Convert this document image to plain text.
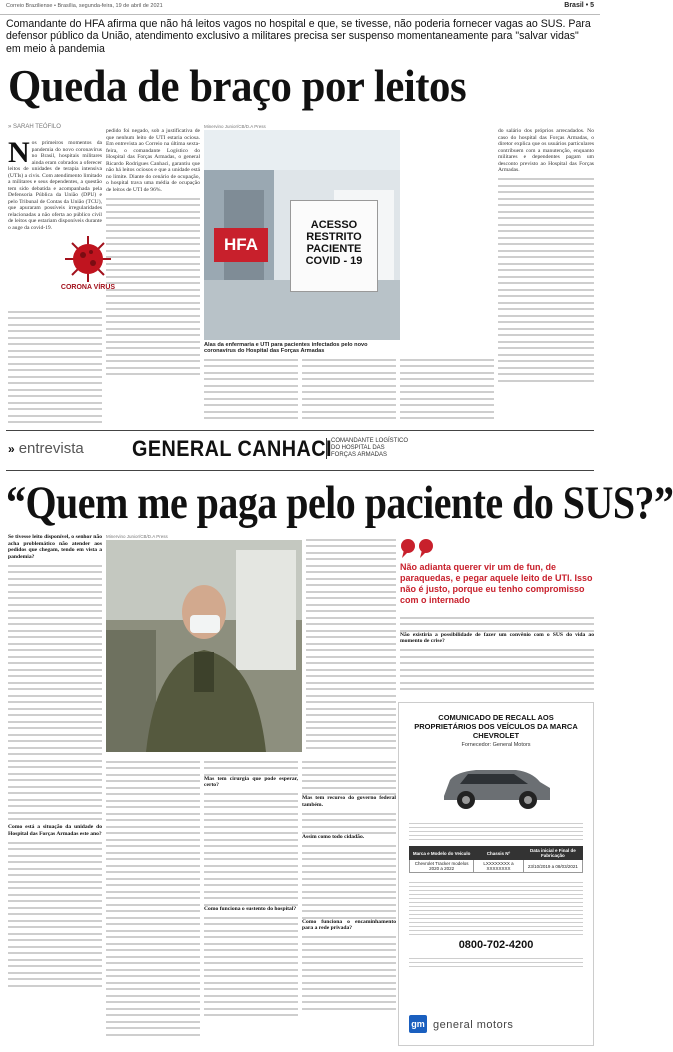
Correio Braziliense • Brasília, segunda-feira, 19 de abril de 2021	Brasil • 5
Comandante do HFA afirma que não há leitos vagos no hospital e que, se tivesse, não poderia fornecer vagas ao SUS. Para defensor público da União, atendimento exclusivo a militares precisa ser suspenso momentaneamente para "salvar vidas" em meio à pandemia
Queda de braço por leitos
» SARAH TEÓFILO
N os primeiros momentos da pandemia do novo coronavírus no Brasil, hospitais militares ainda eram cobrados a oferecer leitos de unidades de terapia intensiva (UTIs) a civis. Com atendimento limitado a militares e seus dependentes, a questão tem sido debatida e acompanhada pela Defensoria Pública da União (DPU) e pelo Tribunal de Contas da União (TCU), que apuraram possíveis irregularidades relacionadas a não oferta ao público civil de leitos que estariam disponíveis durante o auge da covid-19.
CORONA VÍRUS
pedido foi negado, sob a justificativa de que nenhum leito de UTI estaria ociosa. Em entrevista ao Correio na última sexta-feira, o comandante Logístico do Hospital das Forças Armadas, o general Ricardo Rodrigues Canhaci, garantiu que não há leitos ociosos e que a unidade está no limite. Diante do cenário de ocupação, o hospital trava uma média de ocupação de leitos de UTI de 96%.
Minervino Junior/CB/D.A Press
HFA
ACESSO
RESTRITO
PACIENTE
COVID - 19
Alas da enfermaria e UTI para pacientes infectados pelo novo coronavírus do Hospital das Forças Armadas
do salário dos próprios arrecadados. No caso do hospital das Forças Armadas, o diretor explica que os usuários particulares contribuem com a manutenção, enquanto militares e dependentes pagam um desconto previsto ao Hospital das Forças Armadas.
» entrevista GENERAL CANHACI COMANDANTE LOGÍSTICO DO HOSPITAL DAS FORÇAS ARMADAS
“Quem me paga pelo paciente do SUS?”
Se tivesse leito disponível, o senhor não acha problemático não atender aos pedidos que chegam, tendo em vista a pandemia?
Como está a situação da unidade do Hospital das Forças Armadas este ano?
Minervino Junior/CB/D.A Press
Mas tem cirurgia que pode esperar, certo?
Como funciona o sustento do hospital?
Mas tem recurso do governo federal também.
Assim como todo cidadão.
Como funciona o encaminhamento para a rede privada?
Não adianta querer vir um de fun, de paraquedas, e pegar aquele leito de UTI. Isso não é justo, porque eu tenho compromisso com o internado
Não existiria a possibilidade de fazer um convênio com o SUS do vida ao momento de crise?
COMUNICADO DE RECALL AOS PROPRIETÁRIOS DOS VEÍCULOS DA MARCA CHEVROLET
Fornecedor: General Motors
Marca e Modelo do Veículo	Chassis Nº	Data inicial e Final de Fabricação
Chevrolet Tracker modelos 2020 a 2022	LXXXXXXXX a XXXXXXXX	23/10/2019 a 08/03/2021
0800-702-4200
gm general motors
